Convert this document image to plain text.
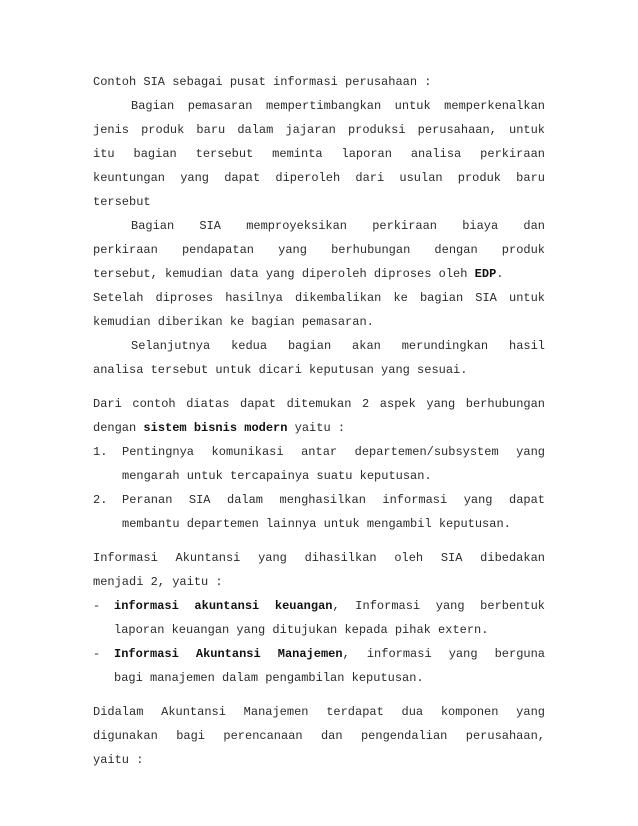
Contoh SIA sebagai pusat informasi perusahaan :
Bagian pemasaran mempertimbangkan untuk memperkenalkan
jenis produk baru dalam jajaran produksi perusahaan, untuk
itu bagian tersebut meminta laporan analisa perkiraan
keuntungan yang dapat diperoleh dari usulan produk baru
tersebut
Bagian SIA memproyeksikan perkiraan biaya dan
perkiraan pendapatan yang berhubungan dengan produk
tersebut, kemudian data yang diperoleh diproses oleh EDP.
Setelah diproses hasilnya dikembalikan ke bagian SIA untuk
kemudian diberikan ke bagian pemasaran.
Selanjutnya kedua bagian akan merundingkan hasil
analisa tersebut untuk dicari keputusan yang sesuai.
Dari contoh diatas dapat ditemukan 2 aspek yang berhubungan
dengan sistem bisnis modern yaitu :
1.	Pentingnya komunikasi antar departemen/subsystem yang
mengarah untuk tercapainya suatu keputusan.
2.	Peranan SIA dalam menghasilkan informasi yang dapat
membantu departemen lainnya untuk mengambil keputusan.
Informasi Akuntansi yang dihasilkan oleh SIA dibedakan
menjadi 2, yaitu :
-	informasi akuntansi keuangan, Informasi yang berbentuk
laporan keuangan yang ditujukan kepada pihak extern.
-	Informasi Akuntansi Manajemen, informasi yang berguna
bagi manajemen dalam pengambilan keputusan.
Didalam Akuntansi Manajemen terdapat dua komponen yang
digunakan bagi perencanaan dan pengendalian perusahaan,
yaitu :
